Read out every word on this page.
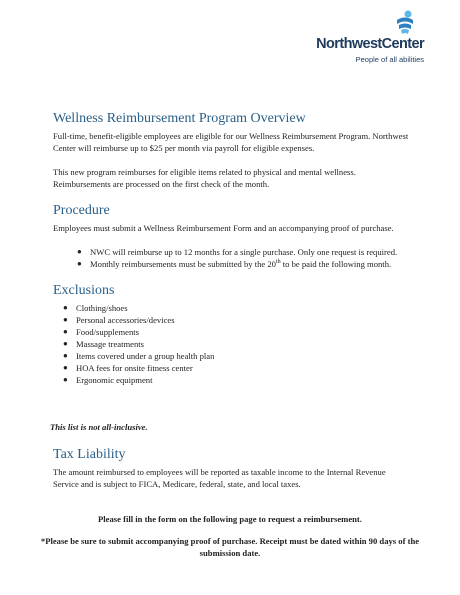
NorthwestCenter
People of all abilities
Wellness Reimbursement Program Overview

Full-time, benefit-eligible employees are eligible for our Wellness Reimbursement Program. Northwest Center will reimburse up to $25 per month via payroll for eligible expenses.

This new program reimburses for eligible items related to physical and mental wellness. Reimbursements are processed on the first check of the month.

Procedure

Employees must submit a Wellness Reimbursement Form and an accompanying proof of purchase.

● NWC will reimburse up to 12 months for a single purchase. Only one request is required.
● Monthly reimbursements must be submitted by the 20th to be paid the following month.
Exclusions
● Clothing/shoes
● Personal accessories/devices
● Food/supplements
● Massage treatments
● Items covered under a group health plan
● HOA fees for onsite fitness center
● Ergonomic equipment
This list is not all-inclusive.
Tax Liability

The amount reimbursed to employees will be reported as taxable income to the Internal Revenue Service and is subject to FICA, Medicare, federal, state, and local taxes.

Please fill in the form on the following page to request a reimbursement.
*Please be sure to submit accompanying proof of purchase. Receipt must be dated within 90 days of the submission date.
